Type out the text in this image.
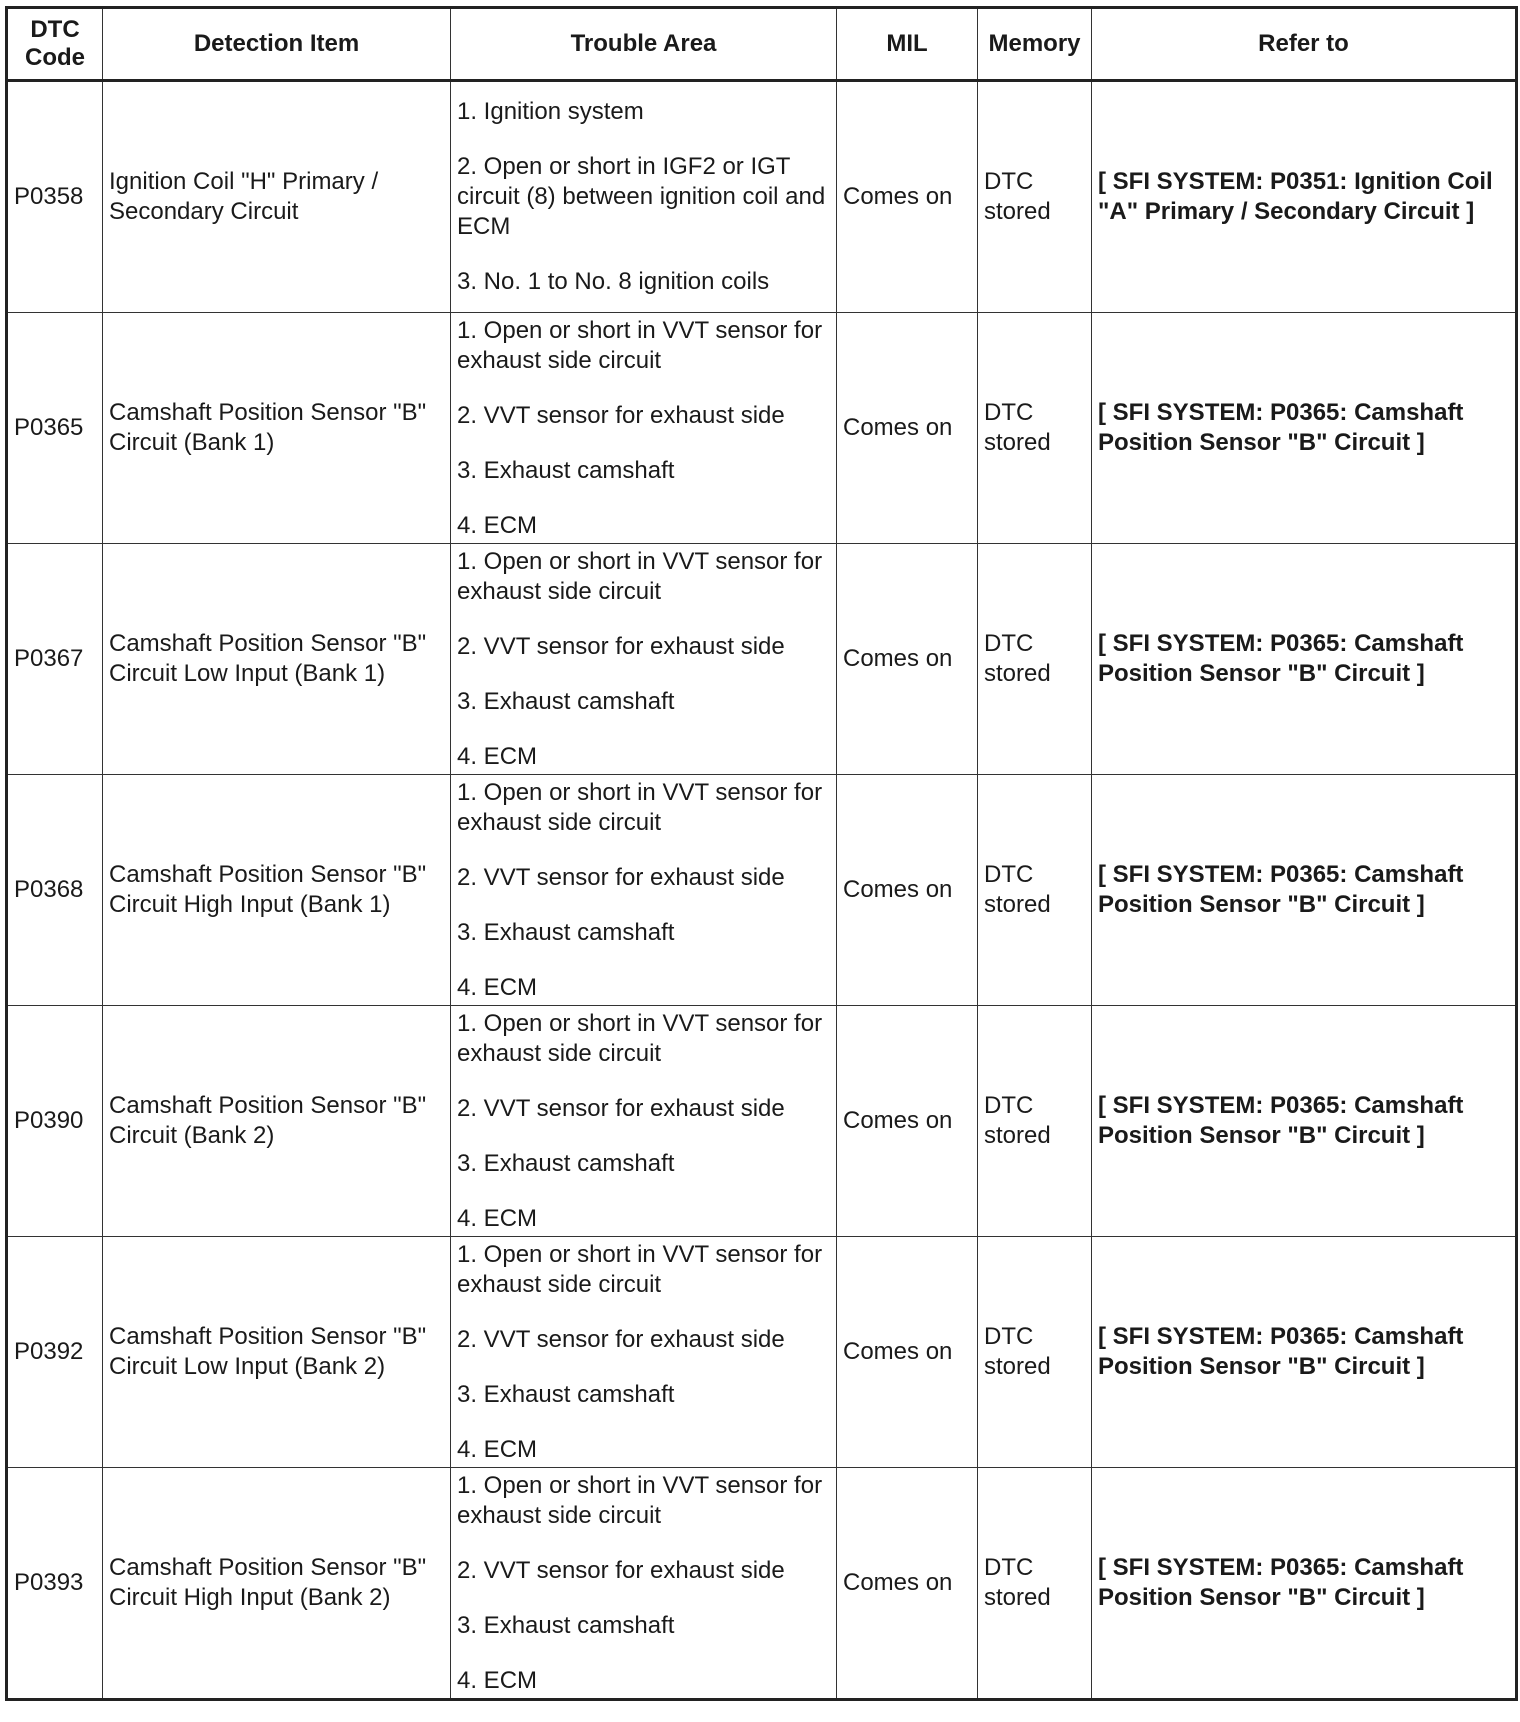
DTC Code	Detection Item	Trouble Area	MIL	Memory	Refer to
P0358	Ignition Coil "H" Primary / Secondary Circuit	1. Ignition system
2. Open or short in IGF2 or IGT circuit (8) between ignition coil and ECM
3. No. 1 to No. 8 ignition coils	Comes on	DTC stored	[ SFI SYSTEM: P0351: Ignition Coil "A" Primary / Secondary Circuit ]
P0365	Camshaft Position Sensor "B" Circuit (Bank 1)	1. Open or short in VVT sensor for exhaust side circuit
2. VVT sensor for exhaust side
3. Exhaust camshaft
4. ECM	Comes on	DTC stored	[ SFI SYSTEM: P0365: Camshaft Position Sensor "B" Circuit ]
P0367	Camshaft Position Sensor "B" Circuit Low Input (Bank 1)	1. Open or short in VVT sensor for exhaust side circuit
2. VVT sensor for exhaust side
3. Exhaust camshaft
4. ECM	Comes on	DTC stored	[ SFI SYSTEM: P0365: Camshaft Position Sensor "B" Circuit ]
P0368	Camshaft Position Sensor "B" Circuit High Input (Bank 1)	1. Open or short in VVT sensor for exhaust side circuit
2. VVT sensor for exhaust side
3. Exhaust camshaft
4. ECM	Comes on	DTC stored	[ SFI SYSTEM: P0365: Camshaft Position Sensor "B" Circuit ]
P0390	Camshaft Position Sensor "B" Circuit (Bank 2)	1. Open or short in VVT sensor for exhaust side circuit
2. VVT sensor for exhaust side
3. Exhaust camshaft
4. ECM	Comes on	DTC stored	[ SFI SYSTEM: P0365: Camshaft Position Sensor "B" Circuit ]
P0392	Camshaft Position Sensor "B" Circuit Low Input (Bank 2)	1. Open or short in VVT sensor for exhaust side circuit
2. VVT sensor for exhaust side
3. Exhaust camshaft
4. ECM	Comes on	DTC stored	[ SFI SYSTEM: P0365: Camshaft Position Sensor "B" Circuit ]
P0393	Camshaft Position Sensor "B" Circuit High Input (Bank 2)	1. Open or short in VVT sensor for exhaust side circuit
2. VVT sensor for exhaust side
3. Exhaust camshaft
4. ECM	Comes on	DTC stored	[ SFI SYSTEM: P0365: Camshaft Position Sensor "B" Circuit ]
